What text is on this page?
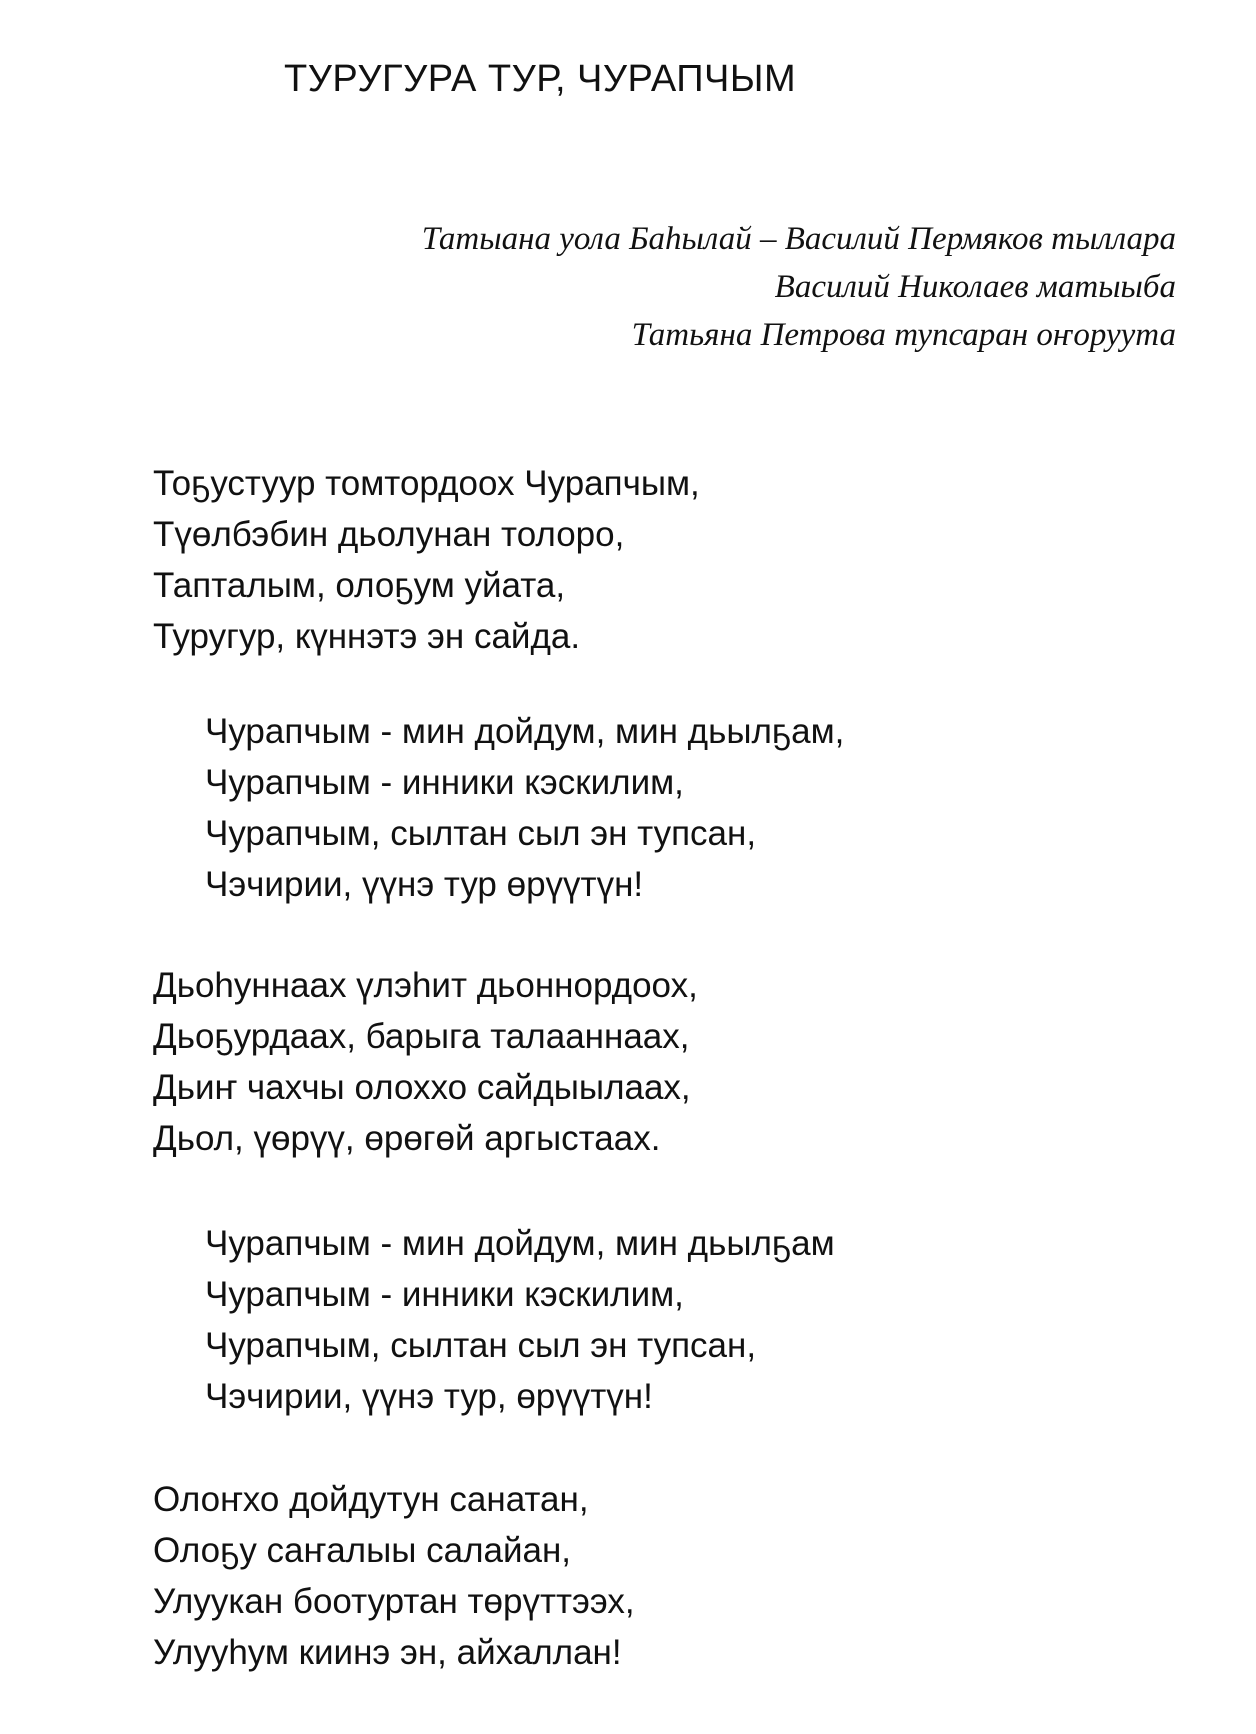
ТУРУГУРА ТУР, ЧУРАПЧЫМ
Татыана уола Баһылай – Василий Пермяков тыллара
Василий Николаев матыыба
Татьяна Петрова тупсаран оҥоруута
Тоҕустуур томтордоох Чурапчым,
Түөлбэбин дьолунан толоро,
Тапталым, олоҕум уйата,
Туругур, күннэтэ эн сайда.
Чурапчым - мин дойдум, мин дьылҕам,
Чурапчым - инники кэскилим,
Чурапчым, сылтан сыл эн тупсан,
Чэчирии, үүнэ тур өрүүтүн!
Дьоһуннаах үлэһит дьоннордоох,
Дьоҕурдаах, барыга талааннаах,
Дьиҥ чахчы олоххо сайдыылаах,
Дьол, үөрүү, өрөгөй аргыстаах.
Чурапчым - мин дойдум, мин дьылҕам
Чурапчым - инники кэскилим,
Чурапчым, сылтан сыл эн тупсан,
Чэчирии, үүнэ тур, өрүүтүн!
Олоҥхо дойдутун санатан,
Олоҕу саҥалыы салайан,
Улуукан боотуртан төрүттээх,
Улууһум киинэ эн, айхаллан!
